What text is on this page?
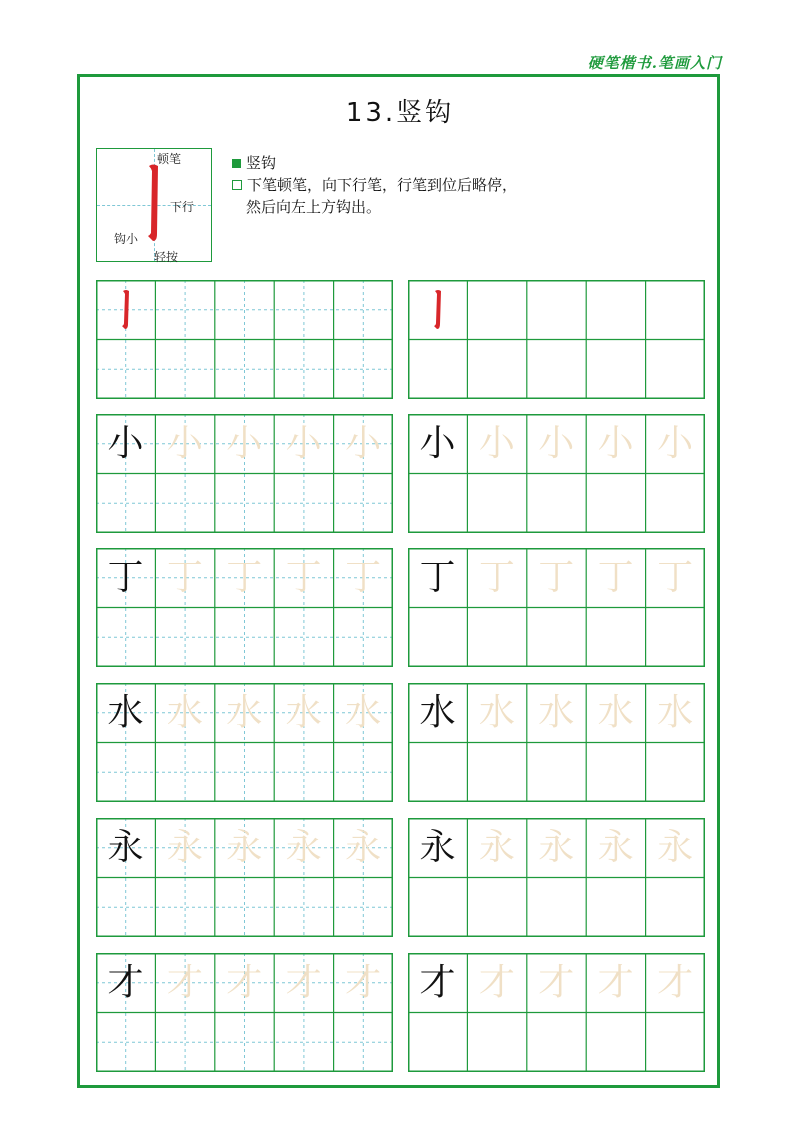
硬笔楷书.笔画入门
13.竖钩
顿笔
下行
钩小
轻按
竖钩
下笔顿笔，向下行笔，行笔到位后略停，
然后向左上方钩出。
小 小 小 小 小	小 小 小 小 小
丁 丁 丁 丁 丁	丁 丁 丁 丁 丁
水 水 水 水 水	水 水 水 水 水
永 永 永 永 永	永 永 永 永 永
才 才 才 才 才	才 才 才 才 才
